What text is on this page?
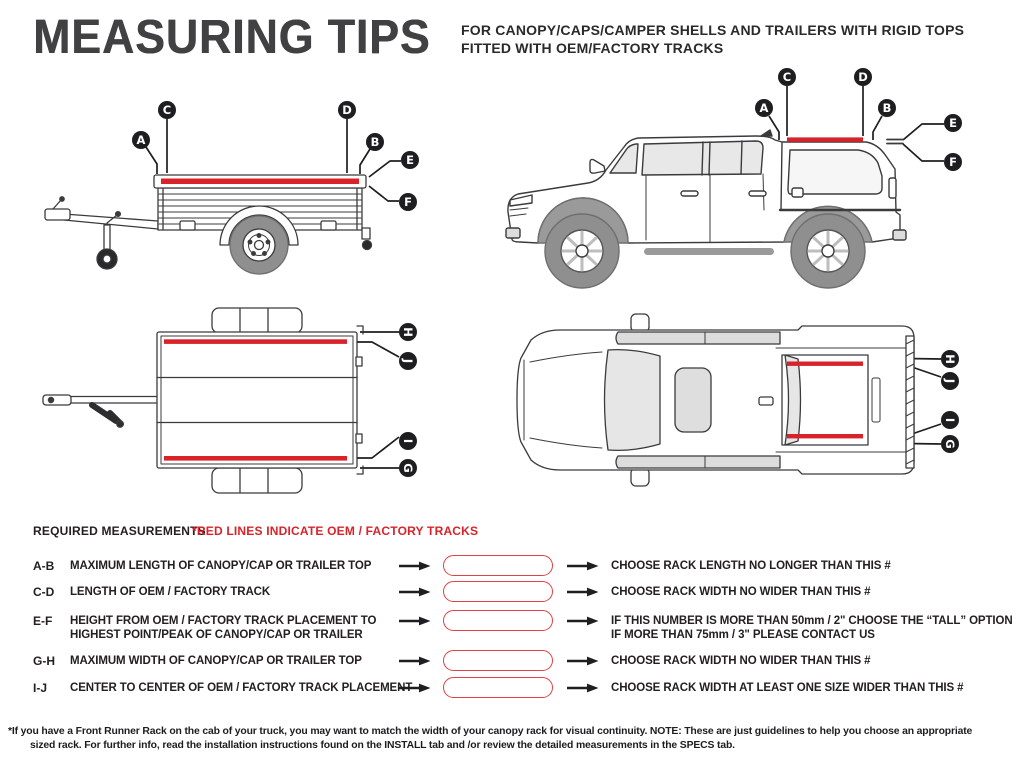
MEASURING TIPS FOR CANOPY/CAPS/CAMPER SHELLS AND TRAILERS WITH RIGID TOPS
FITTED WITH OEM/FACTORY TRACKS
A
C	D
B
E
F
A
C	D
B
E
F
H
J
I
G
H
J
I
G
REQUIRED MEASUREMENTS
*RED LINES INDICATE OEM / FACTORY TRACKS
A-B MAXIMUM LENGTH OF CANOPY/CAP OR TRAILER TOP	CHOOSE RACK LENGTH NO LONGER THAN THIS #
C-D LENGTH OF OEM / FACTORY TRACK	CHOOSE RACK WIDTH NO WIDER THAN THIS #
E-F HEIGHT FROM OEM / FACTORY TRACK PLACEMENT TO
HIGHEST POINT/PEAK OF CANOPY/CAP OR TRAILER
IF THIS NUMBER IS MORE THAN 50mm / 2" CHOOSE THE “TALL” OPTION
IF MORE THAN 75mm / 3" PLEASE CONTACT US
G-H MAXIMUM WIDTH OF CANOPY/CAP OR TRAILER TOP	CHOOSE RACK WIDTH NO WIDER THAN THIS #
I-J CENTER TO CENTER OF OEM / FACTORY TRACK PLACEMENT	CHOOSE RACK WIDTH AT LEAST ONE SIZE WIDER THAN THIS #
*If you have a Front Runner Rack on the cab of your truck, you may want to match the width of your canopy rack for visual continuity. NOTE: These are just guidelines to help you choose an appropriate
sized rack. For further info, read the installation instructions found on the INSTALL tab and /or review the detailed measurements in the SPECS tab.
